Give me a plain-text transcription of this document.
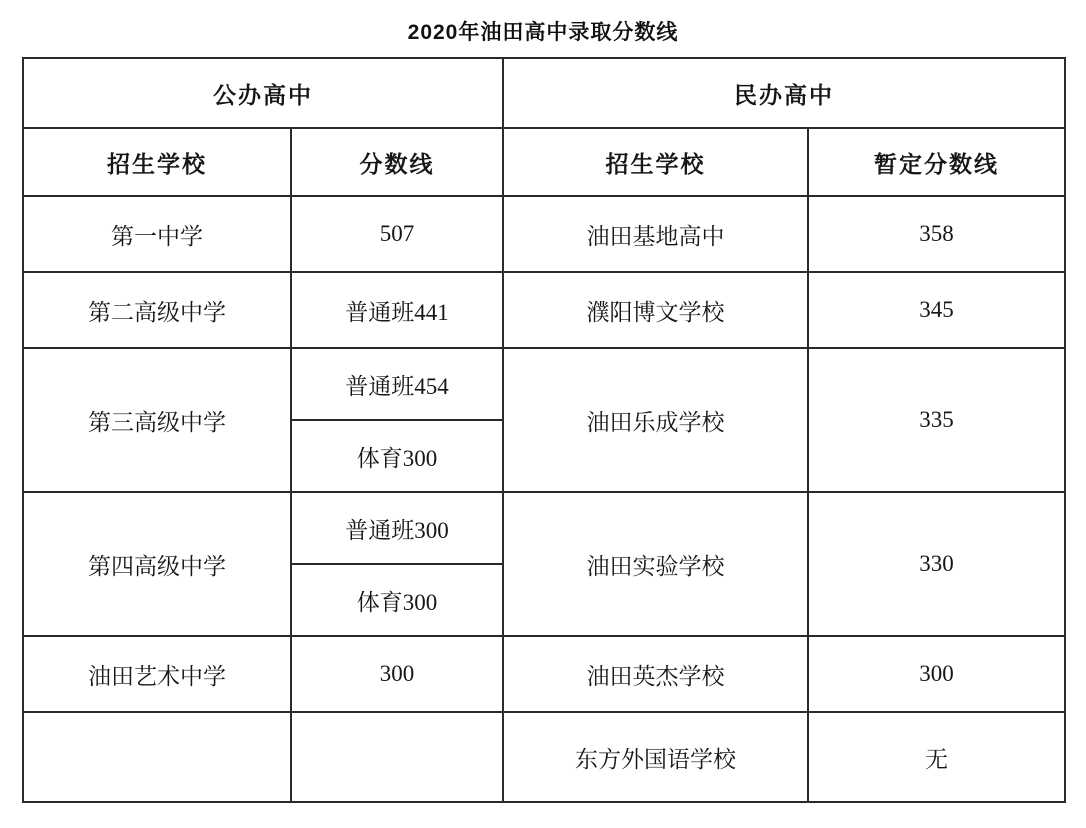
2020年油田高中录取分数线
公办高中		民办高中	
招生学校	分数线	招生学校	暂定分数线
第一中学	507	油田基地高中	358
第二高级中学	普通班441	濮阳博文学校	345
第三高级中学	普通班454	油田乐成学校	335
	体育300		
第四高级中学	普通班300	油田实验学校	330
	体育300		
油田艺术中学	300	油田英杰学校	300
		东方外国语学校	无
